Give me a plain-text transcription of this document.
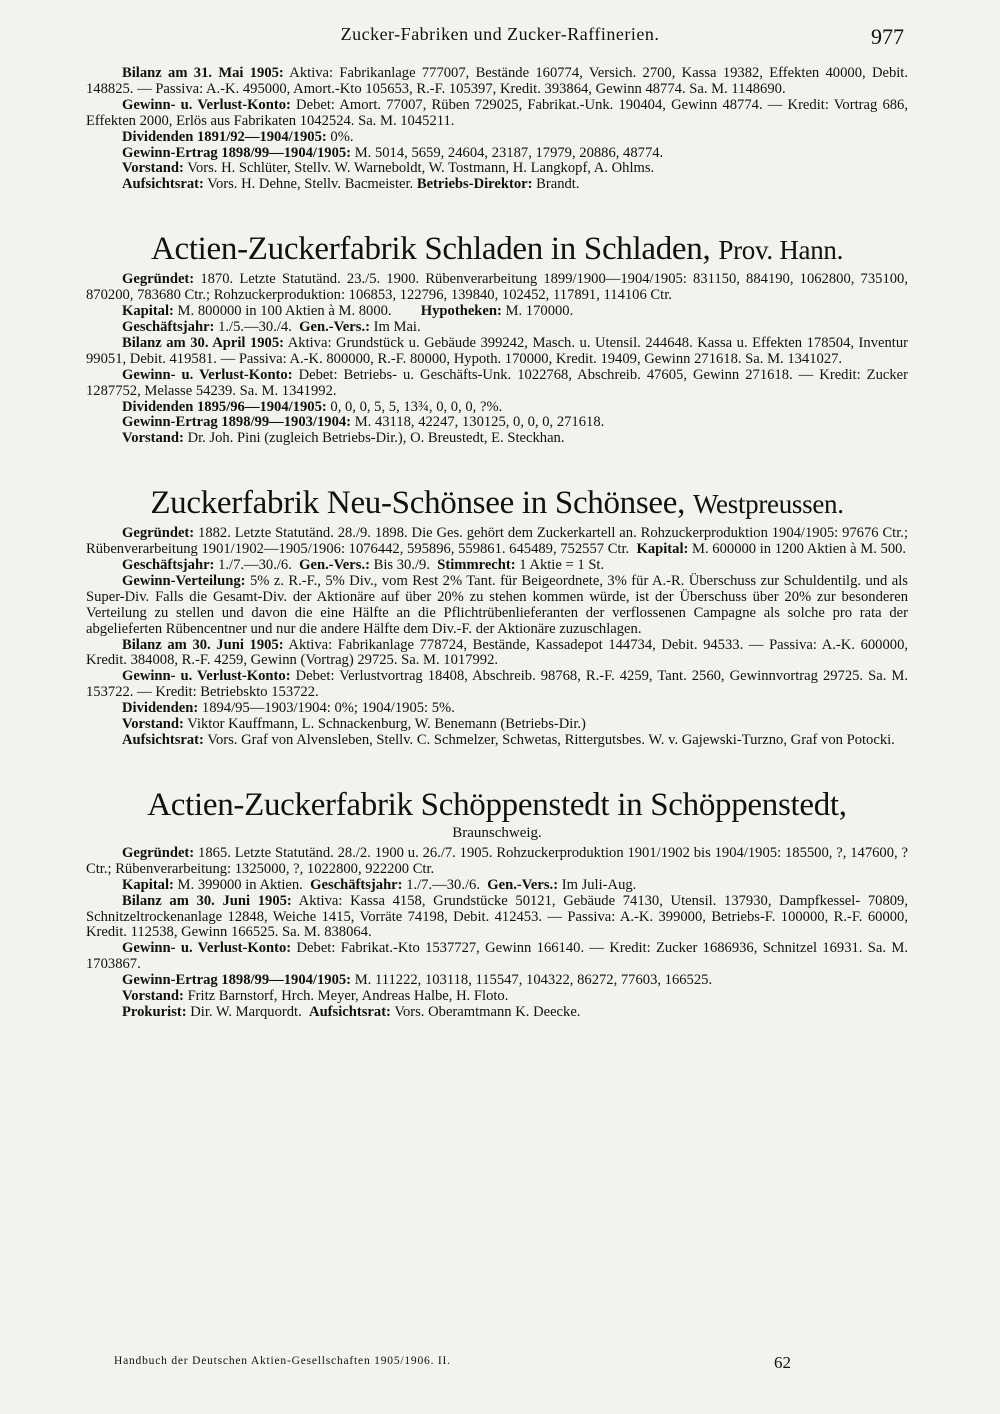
Zucker-Fabriken und Zucker-Raffinerien.	977

Bilanz am 31. Mai 1905: Aktiva: Fabrikanlage 777007, Bestände 160774, Versich. 2700, Kassa 19382, Effekten 40000, Debit. 148825. — Passiva: A.-K. 495000, Amort.-Kto 105653, R.-F. 105397, Kredit. 393864, Gewinn 48774. Sa. M. 1148690.

Gewinn- u. Verlust-Konto: Debet: Amort. 77007, Rüben 729025, Fabrikat.-Unk. 190404, Gewinn 48774. — Kredit: Vortrag 686, Effekten 2000, Erlös aus Fabrikaten 1042524. Sa. M. 1045211.

Dividenden 1891/92—1904/1905: 0%.

Gewinn-Ertrag 1898/99—1904/1905: M. 5014, 5659, 24604, 23187, 17979, 20886, 48774.

Vorstand: Vors. H. Schlüter, Stellv. W. Warneboldt, W. Tostmann, H. Langkopf, A. Ohlms.

Aufsichtsrat: Vors. H. Dehne, Stellv. Bacmeister. Betriebs-Direktor: Brandt.

Actien-Zuckerfabrik Schladen in Schladen, Prov. Hann.

Gegründet: 1870. Letzte Statutänd. 23./5. 1900. Rübenverarbeitung 1899/1900—1904/1905: 831150, 884190, 1062800, 735100, 870200, 783680 Ctr.; Rohzuckerproduktion: 106853, 122796, 139840, 102452, 117891, 114106 Ctr.

Kapital: M. 800000 in 100 Aktien à M. 8000.   Hypotheken: M. 170000.

Geschäftsjahr: 1./5.—30./4.  Gen.-Vers.: Im Mai.

Bilanz am 30. April 1905: Aktiva: Grundstück u. Gebäude 399242, Masch. u. Utensil. 244648. Kassa u. Effekten 178504, Inventur 99051, Debit. 419581. — Passiva: A.-K. 800000, R.-F. 80000, Hypoth. 170000, Kredit. 19409, Gewinn 271618. Sa. M. 1341027.

Gewinn- u. Verlust-Konto: Debet: Betriebs- u. Geschäfts-Unk. 1022768, Abschreib. 47605, Gewinn 271618. — Kredit: Zucker 1287752, Melasse 54239. Sa. M. 1341992.

Dividenden 1895/96—1904/1905: 0, 0, 0, 5, 5, 13¾, 0, 0, 0, ?%.

Gewinn-Ertrag 1898/99—1903/1904: M. 43118, 42247, 130125, 0, 0, 0, 271618.

Vorstand: Dr. Joh. Pini (zugleich Betriebs-Dir.), O. Breustedt, E. Steckhan.

Zuckerfabrik Neu-Schönsee in Schönsee, Westpreussen.

Gegründet: 1882. Letzte Statutänd. 28./9. 1898. Die Ges. gehört dem Zuckerkartell an. Rohzuckerproduktion 1904/1905: 97676 Ctr.; Rübenverarbeitung 1901/1902—1905/1906: 1076442, 595896, 559861. 645489, 752557 Ctr.  Kapital: M. 600000 in 1200 Aktien à M. 500.

Geschäftsjahr: 1./7.—30./6.  Gen.-Vers.: Bis 30./9.  Stimmrecht: 1 Aktie = 1 St.

Gewinn-Verteilung: 5% z. R.-F., 5% Div., vom Rest 2% Tant. für Beigeordnete, 3% für A.-R. Überschuss zur Schuldentilg. und als Super-Div. Falls die Gesamt-Div. der Aktionäre auf über 20% zu stehen kommen würde, ist der Überschuss über 20% zur besonderen Verteilung zu stellen und davon die eine Hälfte an die Pflichtrübenlieferanten der verflossenen Campagne als solche pro rata der abgelieferten Rübencentner und nur die andere Hälfte dem Div.-F. der Aktionäre zuzuschlagen.

Bilanz am 30. Juni 1905: Aktiva: Fabrikanlage 778724, Bestände, Kassadepot 144734, Debit. 94533. — Passiva: A.-K. 600000, Kredit. 384008, R.-F. 4259, Gewinn (Vortrag) 29725. Sa. M. 1017992.

Gewinn- u. Verlust-Konto: Debet: Verlustvortrag 18408, Abschreib. 98768, R.-F. 4259, Tant. 2560, Gewinnvortrag 29725. Sa. M. 153722. — Kredit: Betriebskto 153722.

Dividenden: 1894/95—1903/1904: 0%; 1904/1905: 5%.

Vorstand: Viktor Kauffmann, L. Schnackenburg, W. Benemann (Betriebs-Dir.)

Aufsichtsrat: Vors. Graf von Alvensleben, Stellv. C. Schmelzer, Schwetas, Rittergutsbes. W. v. Gajewski-Turzno, Graf von Potocki.

Actien-Zuckerfabrik Schöppenstedt in Schöppenstedt,
Braunschweig.

Gegründet: 1865. Letzte Statutänd. 28./2. 1900 u. 26./7. 1905. Rohzuckerproduktion 1901/1902 bis 1904/1905: 185500, ?, 147600, ? Ctr.; Rübenverarbeitung: 1325000, ?, 1022800, 922200 Ctr.

Kapital: M. 399000 in Aktien.  Geschäftsjahr: 1./7.—30./6.  Gen.-Vers.: Im Juli-Aug.

Bilanz am 30. Juni 1905: Aktiva: Kassa 4158, Grundstücke 50121, Gebäude 74130, Utensil. 137930, Dampfkessel- 70809, Schnitzeltrockenanlage 12848, Weiche 1415, Vorräte 74198, Debit. 412453. — Passiva: A.-K. 399000, Betriebs-F. 100000, R.-F. 60000, Kredit. 112538, Gewinn 166525. Sa. M. 838064.

Gewinn- u. Verlust-Konto: Debet: Fabrikat.-Kto 1537727, Gewinn 166140. — Kredit: Zucker 1686936, Schnitzel 16931. Sa. M. 1703867.

Gewinn-Ertrag 1898/99—1904/1905: M. 111222, 103118, 115547, 104322, 86272, 77603, 166525.

Vorstand: Fritz Barnstorf, Hrch. Meyer, Andreas Halbe, H. Floto.

Prokurist: Dir. W. Marquordt.  Aufsichtsrat: Vors. Oberamtmann K. Deecke.

Handbuch der Deutschen Aktien-Gesellschaften 1905/1906. II.	62
